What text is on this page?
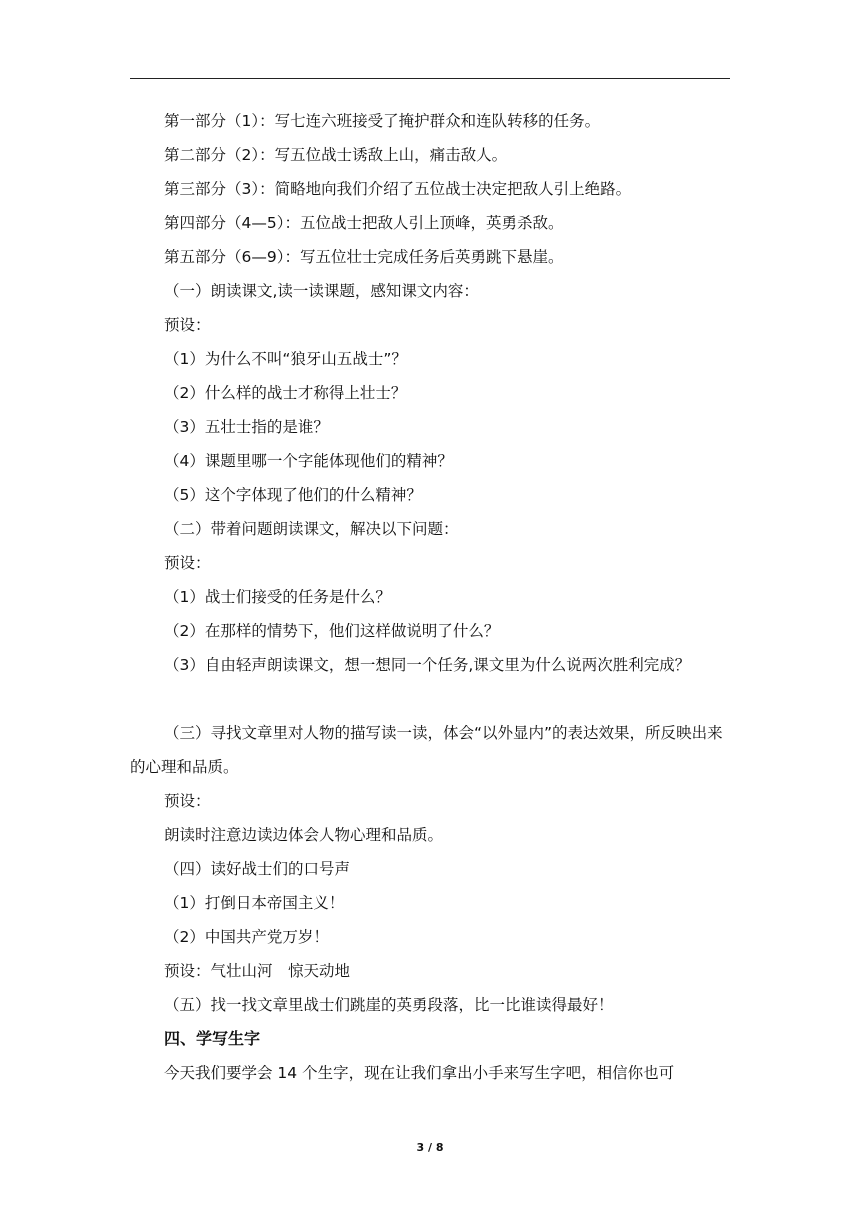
第一部分（1）：写七连六班接受了掩护群众和连队转移的任务。
第二部分（2）：写五位战士诱敌上山，痛击敌人。
第三部分（3）：简略地向我们介绍了五位战士决定把敌人引上绝路。
第四部分（4—5）：五位战士把敌人引上顶峰，英勇杀敌。
第五部分（6—9）：写五位壮士完成任务后英勇跳下悬崖。
（一）朗读课文,读一读课题，感知课文内容：
预设：
（1）为什么不叫“狼牙山五战士”？
（2）什么样的战士才称得上壮士？
（3）五壮士指的是谁？
（4）课题里哪一个字能体现他们的精神？
（5）这个字体现了他们的什么精神？
（二）带着问题朗读课文，解决以下问题：
预设：
（1）战士们接受的任务是什么？
（2）在那样的情势下，他们这样做说明了什么？
（3）自由轻声朗读课文，想一想同一个任务,课文里为什么说两次胜利完成？
（三）寻找文章里对人物的描写读一读，体会“以外显内”的表达效果，所反映出来的心理和品质。
预设：
朗读时注意边读边体会人物心理和品质。
（四）读好战士们的口号声
（1）打倒日本帝国主义！
（2）中国共产党万岁！
预设：气壮山河　惊天动地
（五）找一找文章里战士们跳崖的英勇段落，比一比谁读得最好！
四、学写生字
今天我们要学会 14 个生字，现在让我们拿出小手来写生字吧，相信你也可
3 / 8
